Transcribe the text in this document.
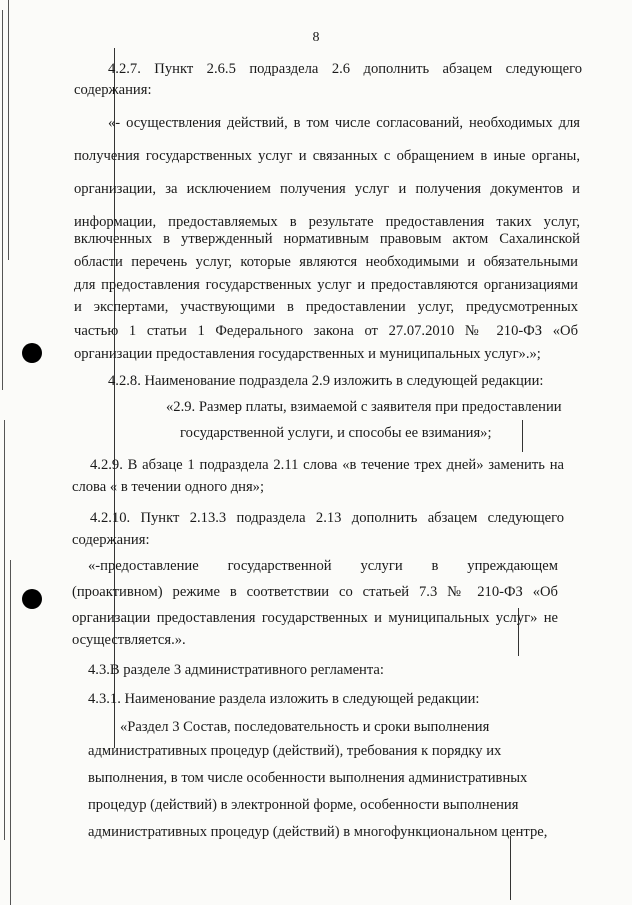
8
4.2.7. Пункт 2.6.5 подраздела 2.6 дополнить абзацем следующего
содержания:
«- осуществления действий, в том числе согласований, необходимых для
получения государственных услуг и связанных с обращением в иные органы,
организации, за исключением получения услуг и получения документов и
информации, предоставляемых в результате предоставления таких услуг,
включенных в утвержденный нормативным правовым актом Сахалинской
области перечень услуг, которые являются необходимыми и обязательными
для предоставления государственных услуг и предоставляются организациями
и экспертами, участвующими в предоставлении услуг, предусмотренных
частью 1 статьи 1 Федерального закона от 27.07.2010 № 210-ФЗ «Об
организации предоставления государственных и муниципальных услуг».»;
4.2.8. Наименование подраздела 2.9 изложить в следующей редакции:
«2.9. Размер платы, взимаемой с заявителя при предоставлении
государственной услуги, и способы ее взимания»;
4.2.9. В абзаце 1 подраздела 2.11 слова «в течение трех дней» заменить на
слова « в течении одного дня»;
4.2.10. Пункт 2.13.3 подраздела 2.13 дополнить абзацем следующего
содержания:
«-предоставление государственной услуги в упреждающем
(проактивном) режиме в соответствии со статьей 7.3 № 210-ФЗ «Об
организации предоставления государственных и муниципальных услуг» не
осуществляется.».
4.3.В разделе 3 административного регламента:
4.3.1. Наименование раздела изложить в следующей редакции:
«Раздел 3 Состав, последовательность и сроки выполнения
административных процедур (действий), требования к порядку их
выполнения, в том числе особенности выполнения административных
процедур (действий) в электронной форме, особенности выполнения
административных процедур (действий) в многофункциональном центре,
